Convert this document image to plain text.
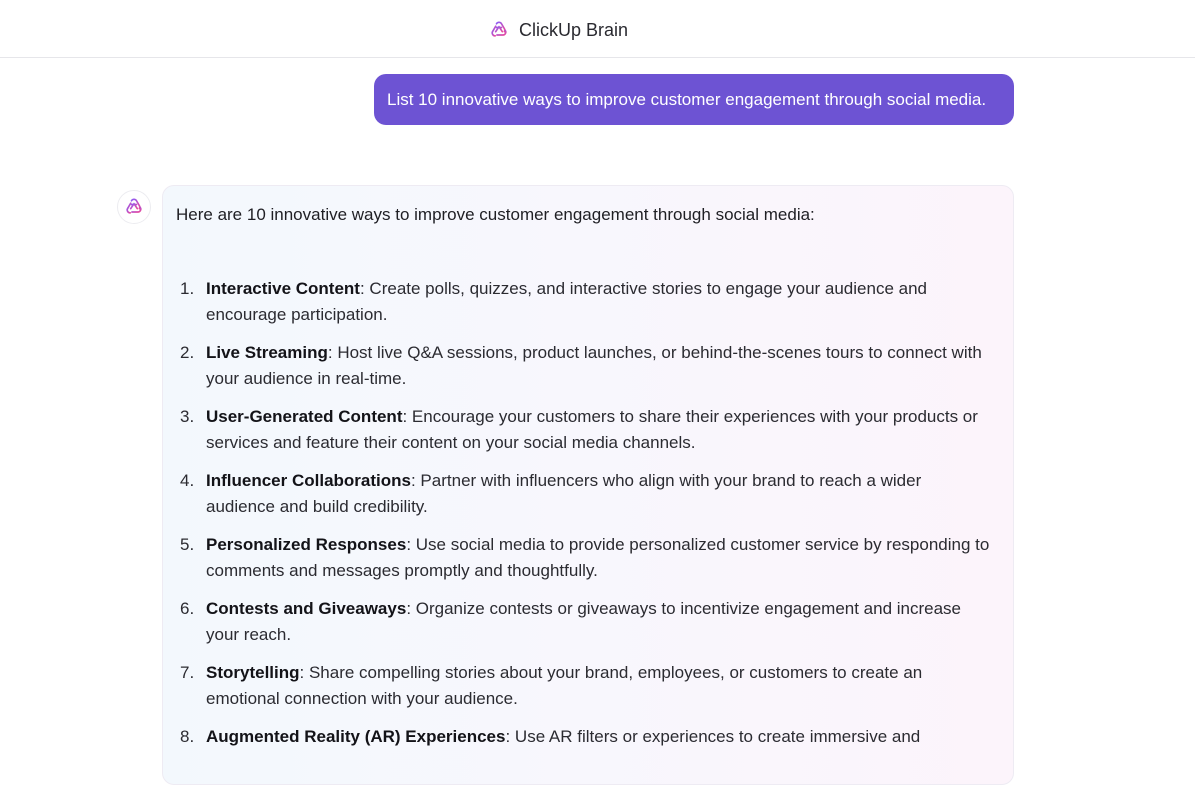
ClickUp Brain
List 10 innovative ways to improve customer engagement through social media.

Here are 10 innovative ways to improve customer engagement through social media:

1. Interactive Content: Create polls, quizzes, and interactive stories to engage your audience and encourage participation.
2. Live Streaming: Host live Q&A sessions, product launches, or behind-the-scenes tours to connect with your audience in real-time.
3. User-Generated Content: Encourage your customers to share their experiences with your products or services and feature their content on your social media channels.
4. Influencer Collaborations: Partner with influencers who align with your brand to reach a wider audience and build credibility.
5. Personalized Responses: Use social media to provide personalized customer service by responding to comments and messages promptly and thoughtfully.
6. Contests and Giveaways: Organize contests or giveaways to incentivize engagement and increase your reach.
7. Storytelling: Share compelling stories about your brand, employees, or customers to create an emotional connection with your audience.
8. Augmented Reality (AR) Experiences: Use AR filters or experiences to create immersive and
